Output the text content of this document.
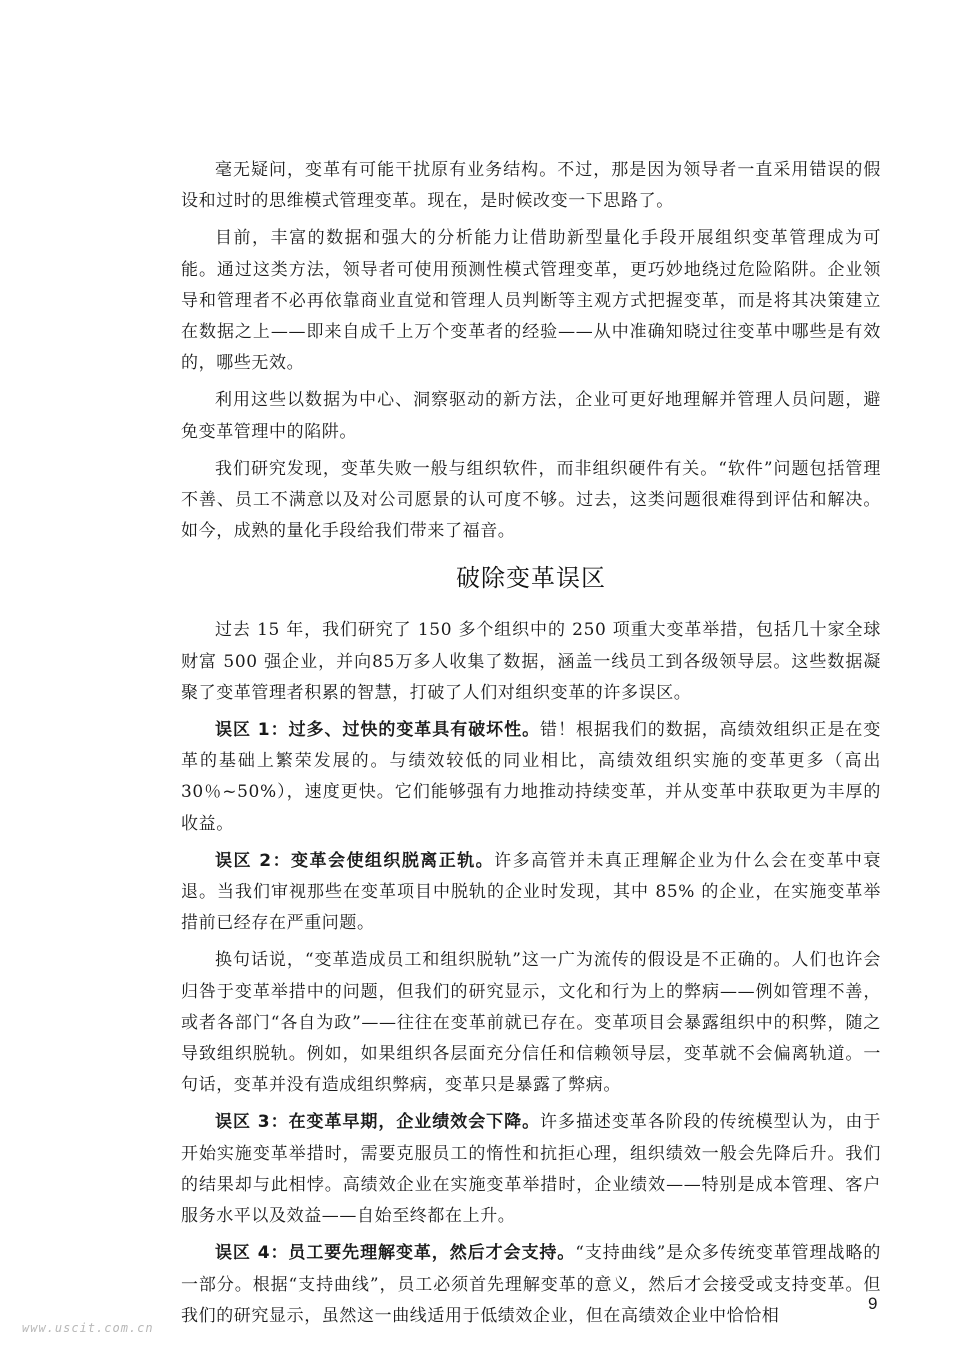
毫无疑问，变革有可能干扰原有业务结构。不过，那是因为领导者一直采用错误的假设和过时的思维模式管理变革。现在，是时候改变一下思路了。

目前，丰富的数据和强大的分析能力让借助新型量化手段开展组织变革管理成为可能。通过这类方法，领导者可使用预测性模式管理变革，更巧妙地绕过危险陷阱。企业领导和管理者不必再依靠商业直觉和管理人员判断等主观方式把握变革，而是将其决策建立在数据之上——即来自成千上万个变革者的经验——从中准确知晓过往变革中哪些是有效的，哪些无效。

利用这些以数据为中心、洞察驱动的新方法，企业可更好地理解并管理人员问题，避免变革管理中的陷阱。

我们研究发现，变革失败一般与组织软件，而非组织硬件有关。“软件”问题包括管理不善、员工不满意以及对公司愿景的认可度不够。过去，这类问题很难得到评估和解决。如今，成熟的量化手段给我们带来了福音。

破除变革误区

过去 15 年，我们研究了 150 多个组织中的 250 项重大变革举措，包括几十家全球财富 500 强企业，并向85万多人收集了数据，涵盖一线员工到各级领导层。这些数据凝聚了变革管理者积累的智慧，打破了人们对组织变革的许多误区。

误区 1：过多、过快的变革具有破坏性。错！根据我们的数据，高绩效组织正是在变革的基础上繁荣发展的。与绩效较低的同业相比，高绩效组织实施的变革更多（高出30％~50%），速度更快。它们能够强有力地推动持续变革，并从变革中获取更为丰厚的收益。

误区 2：变革会使组织脱离正轨。许多高管并未真正理解企业为什么会在变革中衰退。当我们审视那些在变革项目中脱轨的企业时发现，其中 85% 的企业，在实施变革举措前已经存在严重问题。

换句话说，“变革造成员工和组织脱轨”这一广为流传的假设是不正确的。人们也许会归咎于变革举措中的问题，但我们的研究显示，文化和行为上的弊病——例如管理不善，或者各部门“各自为政”——往往在变革前就已存在。变革项目会暴露组织中的积弊，随之导致组织脱轨。例如，如果组织各层面充分信任和信赖领导层，变革就不会偏离轨道。一句话，变革并没有造成组织弊病，变革只是暴露了弊病。

误区 3：在变革早期，企业绩效会下降。许多描述变革各阶段的传统模型认为，由于开始实施变革举措时，需要克服员工的惰性和抗拒心理，组织绩效一般会先降后升。我们的结果却与此相悖。高绩效企业在实施变革举措时，企业绩效——特别是成本管理、客户服务水平以及效益——自始至终都在上升。

误区 4：员工要先理解变革，然后才会支持。“支持曲线”是众多传统变革管理战略的一部分。根据“支持曲线”，员工必须首先理解变革的意义，然后才会接受或支持变革。但我们的研究显示，虽然这一曲线适用于低绩效企业，但在高绩效企业中恰恰相

9
www.uscit.com.cn
